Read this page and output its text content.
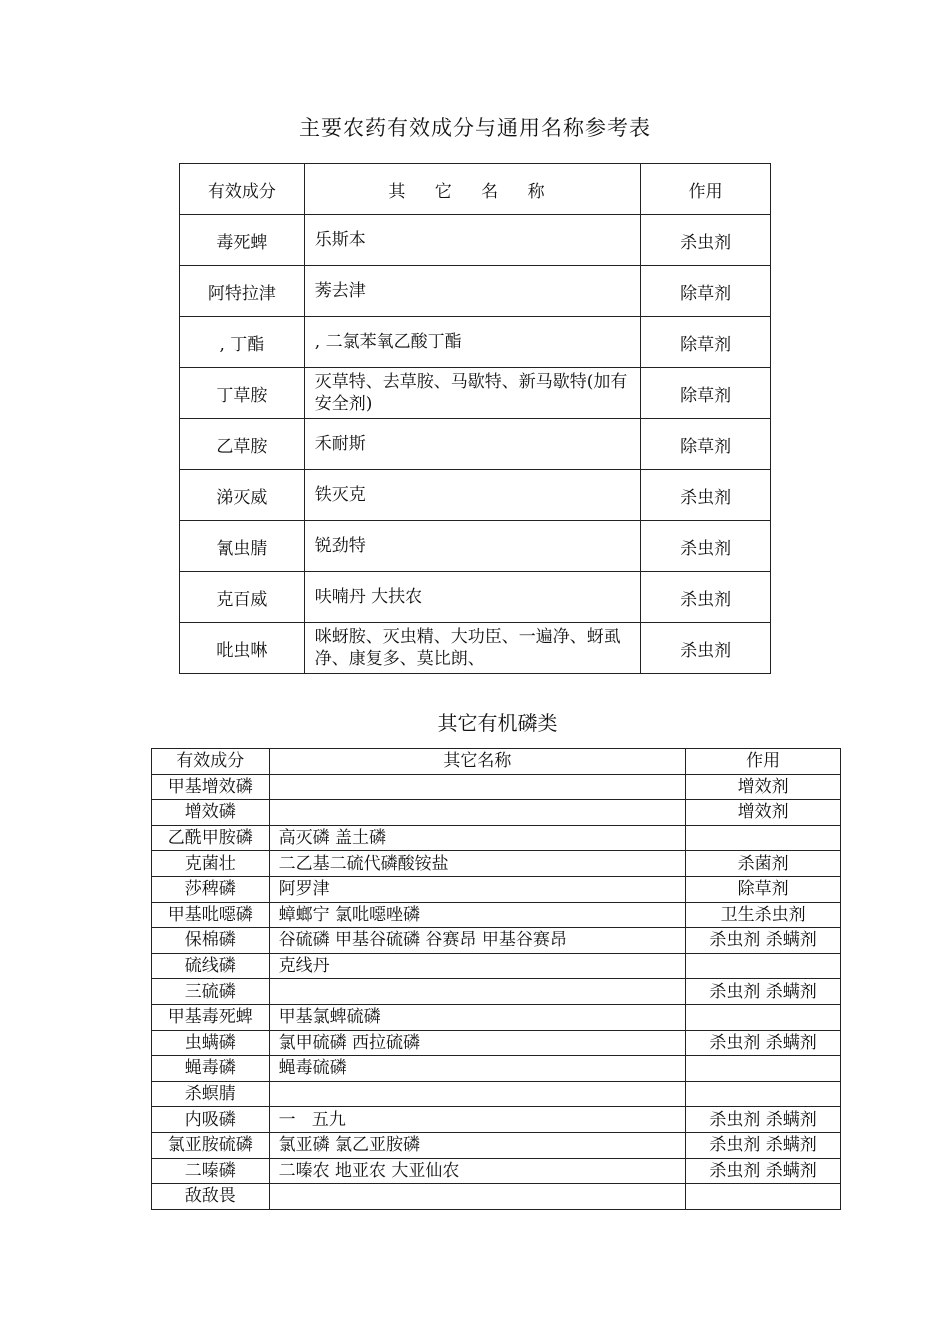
主要农药有效成分与通用名称参考表
有效成分	其 它 名 称	作用
毒死蜱	乐斯本	杀虫剂
阿特拉津	莠去津	除草剂
, 丁酯	, 二氯苯氧乙酸丁酯	除草剂
丁草胺	灭草特、去草胺、马歇特、新马歇特(加有安全剂)	除草剂
乙草胺	禾耐斯	除草剂
涕灭威	铁灭克	杀虫剂
氰虫腈	锐劲特	杀虫剂
克百威	呋喃丹 大扶农	杀虫剂
吡虫啉	咪蚜胺、灭虫精、大功臣、一遍净、蚜虱净、康复多、莫比朗、	杀虫剂
其它有机磷类
有效成分	其它名称	作用
甲基增效磷		增效剂
增效磷		增效剂
乙酰甲胺磷	高灭磷 盖土磷	
克菌壮	二乙基二硫代磷酸铵盐	杀菌剂
莎稗磷	阿罗津	除草剂
甲基吡噁磷	蟑螂宁 氯吡噁唑磷	卫生杀虫剂
保棉磷	谷硫磷 甲基谷硫磷 谷赛昂 甲基谷赛昂	杀虫剂 杀螨剂
硫线磷	克线丹	
三硫磷		杀虫剂 杀螨剂
甲基毒死蜱	甲基氯蜱硫磷	
虫螨磷	氯甲硫磷 西拉硫磷	杀虫剂 杀螨剂
蝇毒磷	蝇毒硫磷	
杀螟腈		
内吸磷	一   五九	杀虫剂 杀螨剂
氯亚胺硫磷	氯亚磷 氯乙亚胺磷	杀虫剂 杀螨剂
二嗪磷	二嗪农 地亚农 大亚仙农	杀虫剂 杀螨剂
敌敌畏		
